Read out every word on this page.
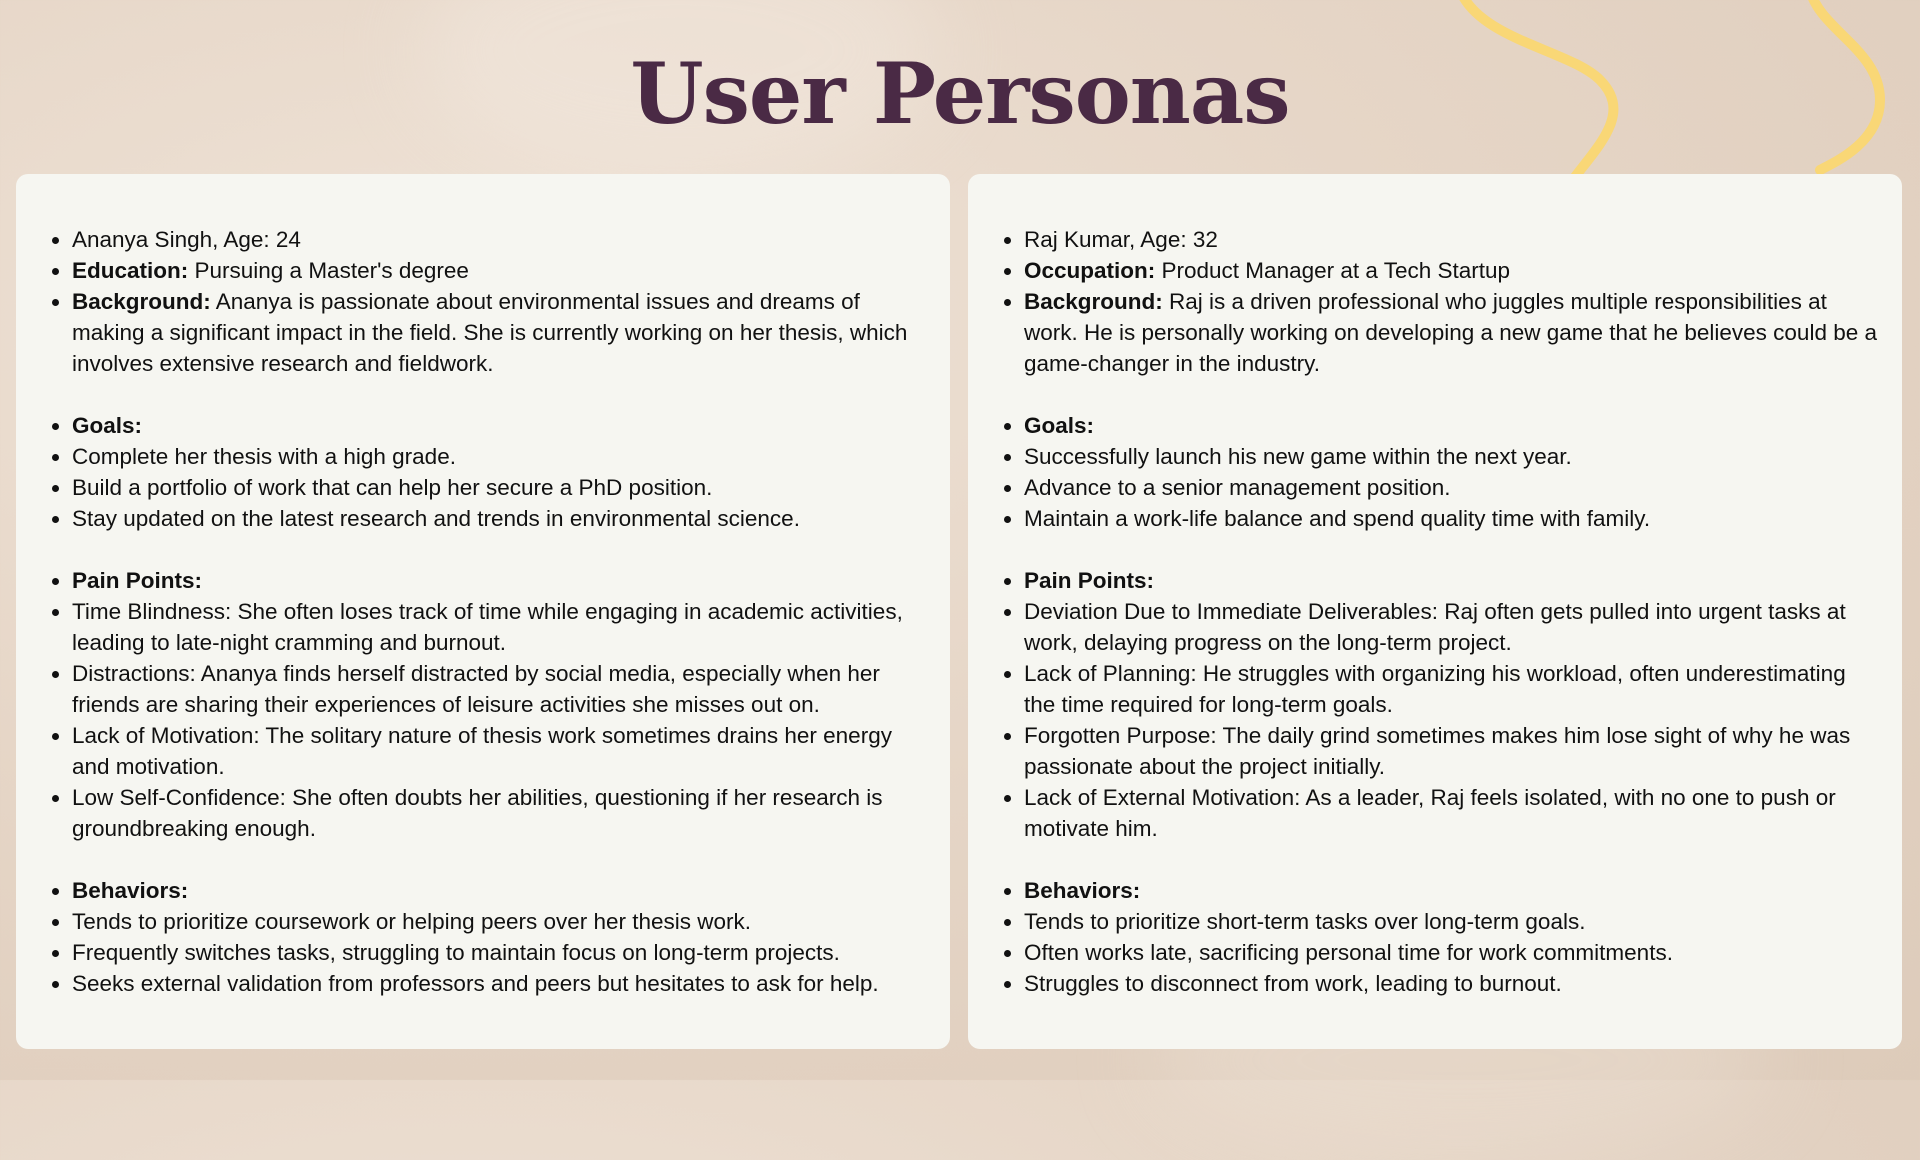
User Personas
• Ananya Singh, Age: 24
• Education: Pursuing a Master's degree
• Background: Ananya is passionate about environmental issues and dreams of making a significant impact in the field. She is currently working on her thesis, which involves extensive research and fieldwork.
• Goals:
• Complete her thesis with a high grade.
• Build a portfolio of work that can help her secure a PhD position.
• Stay updated on the latest research and trends in environmental science.
• Pain Points:
• Time Blindness: She often loses track of time while engaging in academic activities, leading to late-night cramming and burnout.
• Distractions: Ananya finds herself distracted by social media, especially when her friends are sharing their experiences of leisure activities she misses out on.
• Lack of Motivation: The solitary nature of thesis work sometimes drains her energy and motivation.
• Low Self-Confidence: She often doubts her abilities, questioning if her research is groundbreaking enough.
• Behaviors:
• Tends to prioritize coursework or helping peers over her thesis work.
• Frequently switches tasks, struggling to maintain focus on long-term projects.
• Seeks external validation from professors and peers but hesitates to ask for help.
• Raj Kumar, Age: 32
• Occupation: Product Manager at a Tech Startup
• Background: Raj is a driven professional who juggles multiple responsibilities at work. He is personally working on developing a new game that he believes could be a game-changer in the industry.
• Goals:
• Successfully launch his new game within the next year.
• Advance to a senior management position.
• Maintain a work-life balance and spend quality time with family.
• Pain Points:
• Deviation Due to Immediate Deliverables: Raj often gets pulled into urgent tasks at work, delaying progress on the long-term project.
• Lack of Planning: He struggles with organizing his workload, often underestimating the time required for long-term goals.
• Forgotten Purpose: The daily grind sometimes makes him lose sight of why he was passionate about the project initially.
• Lack of External Motivation: As a leader, Raj feels isolated, with no one to push or motivate him.
• Behaviors:
• Tends to prioritize short-term tasks over long-term goals.
• Often works late, sacrificing personal time for work commitments.
• Struggles to disconnect from work, leading to burnout.
